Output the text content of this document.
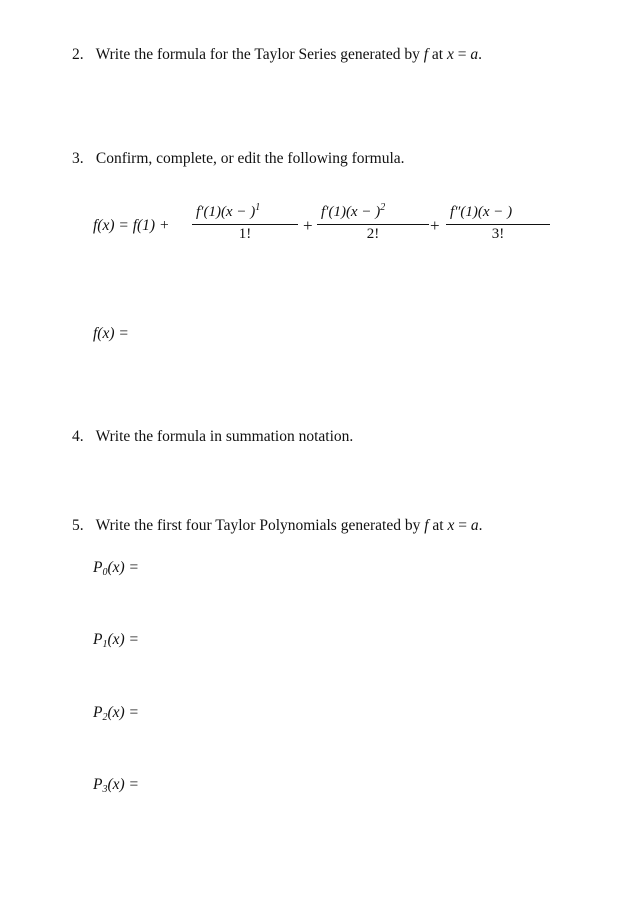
2. Write the formula for the Taylor Series generated by f at x = a.
3. Confirm, complete, or edit the following formula.
f(x) = f(1) +
$f'(1)(x - )^1$
1!	+
$f'(1)(x - )^2$
2!	+
f″(1)(x − )
3!
f(x) =
4. Write the formula in summation notation.
5. Write the first four Taylor Polynomials generated by f at x = a.
$P_0(x)$ =
$P_1(x)$ =
$P_2(x)$ =
$P_3(x)$ =
